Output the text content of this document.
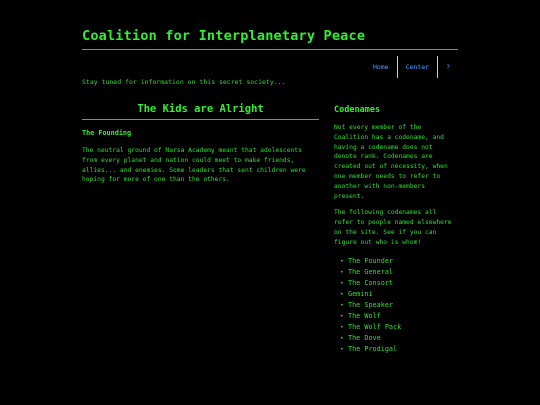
Coalition for Interplanetary Peace
Home	Center	?
Stay tuned for information on this secret society...
The Kids are Alright
The Founding

The neutral ground of Narsa Academy meant that adolescents from every planet and nation could meet to make friends, allies... and enemies. Some leaders that sent children were hoping for more of one than the others.

Codenames

Not every member of the Coalition has a codename, and having a codename does not denote rank. Codenames are created out of necessity, when one member needs to refer to another with non-members present.

The following codenames all refer to people named elsewhere on the site. See if you can figure out who is whom!

• The Founder
• The General
• The Consort
• Gemini
• The Speaker
• The Wolf
• The Wolf Pack
• The Dove
• The Prodigal
